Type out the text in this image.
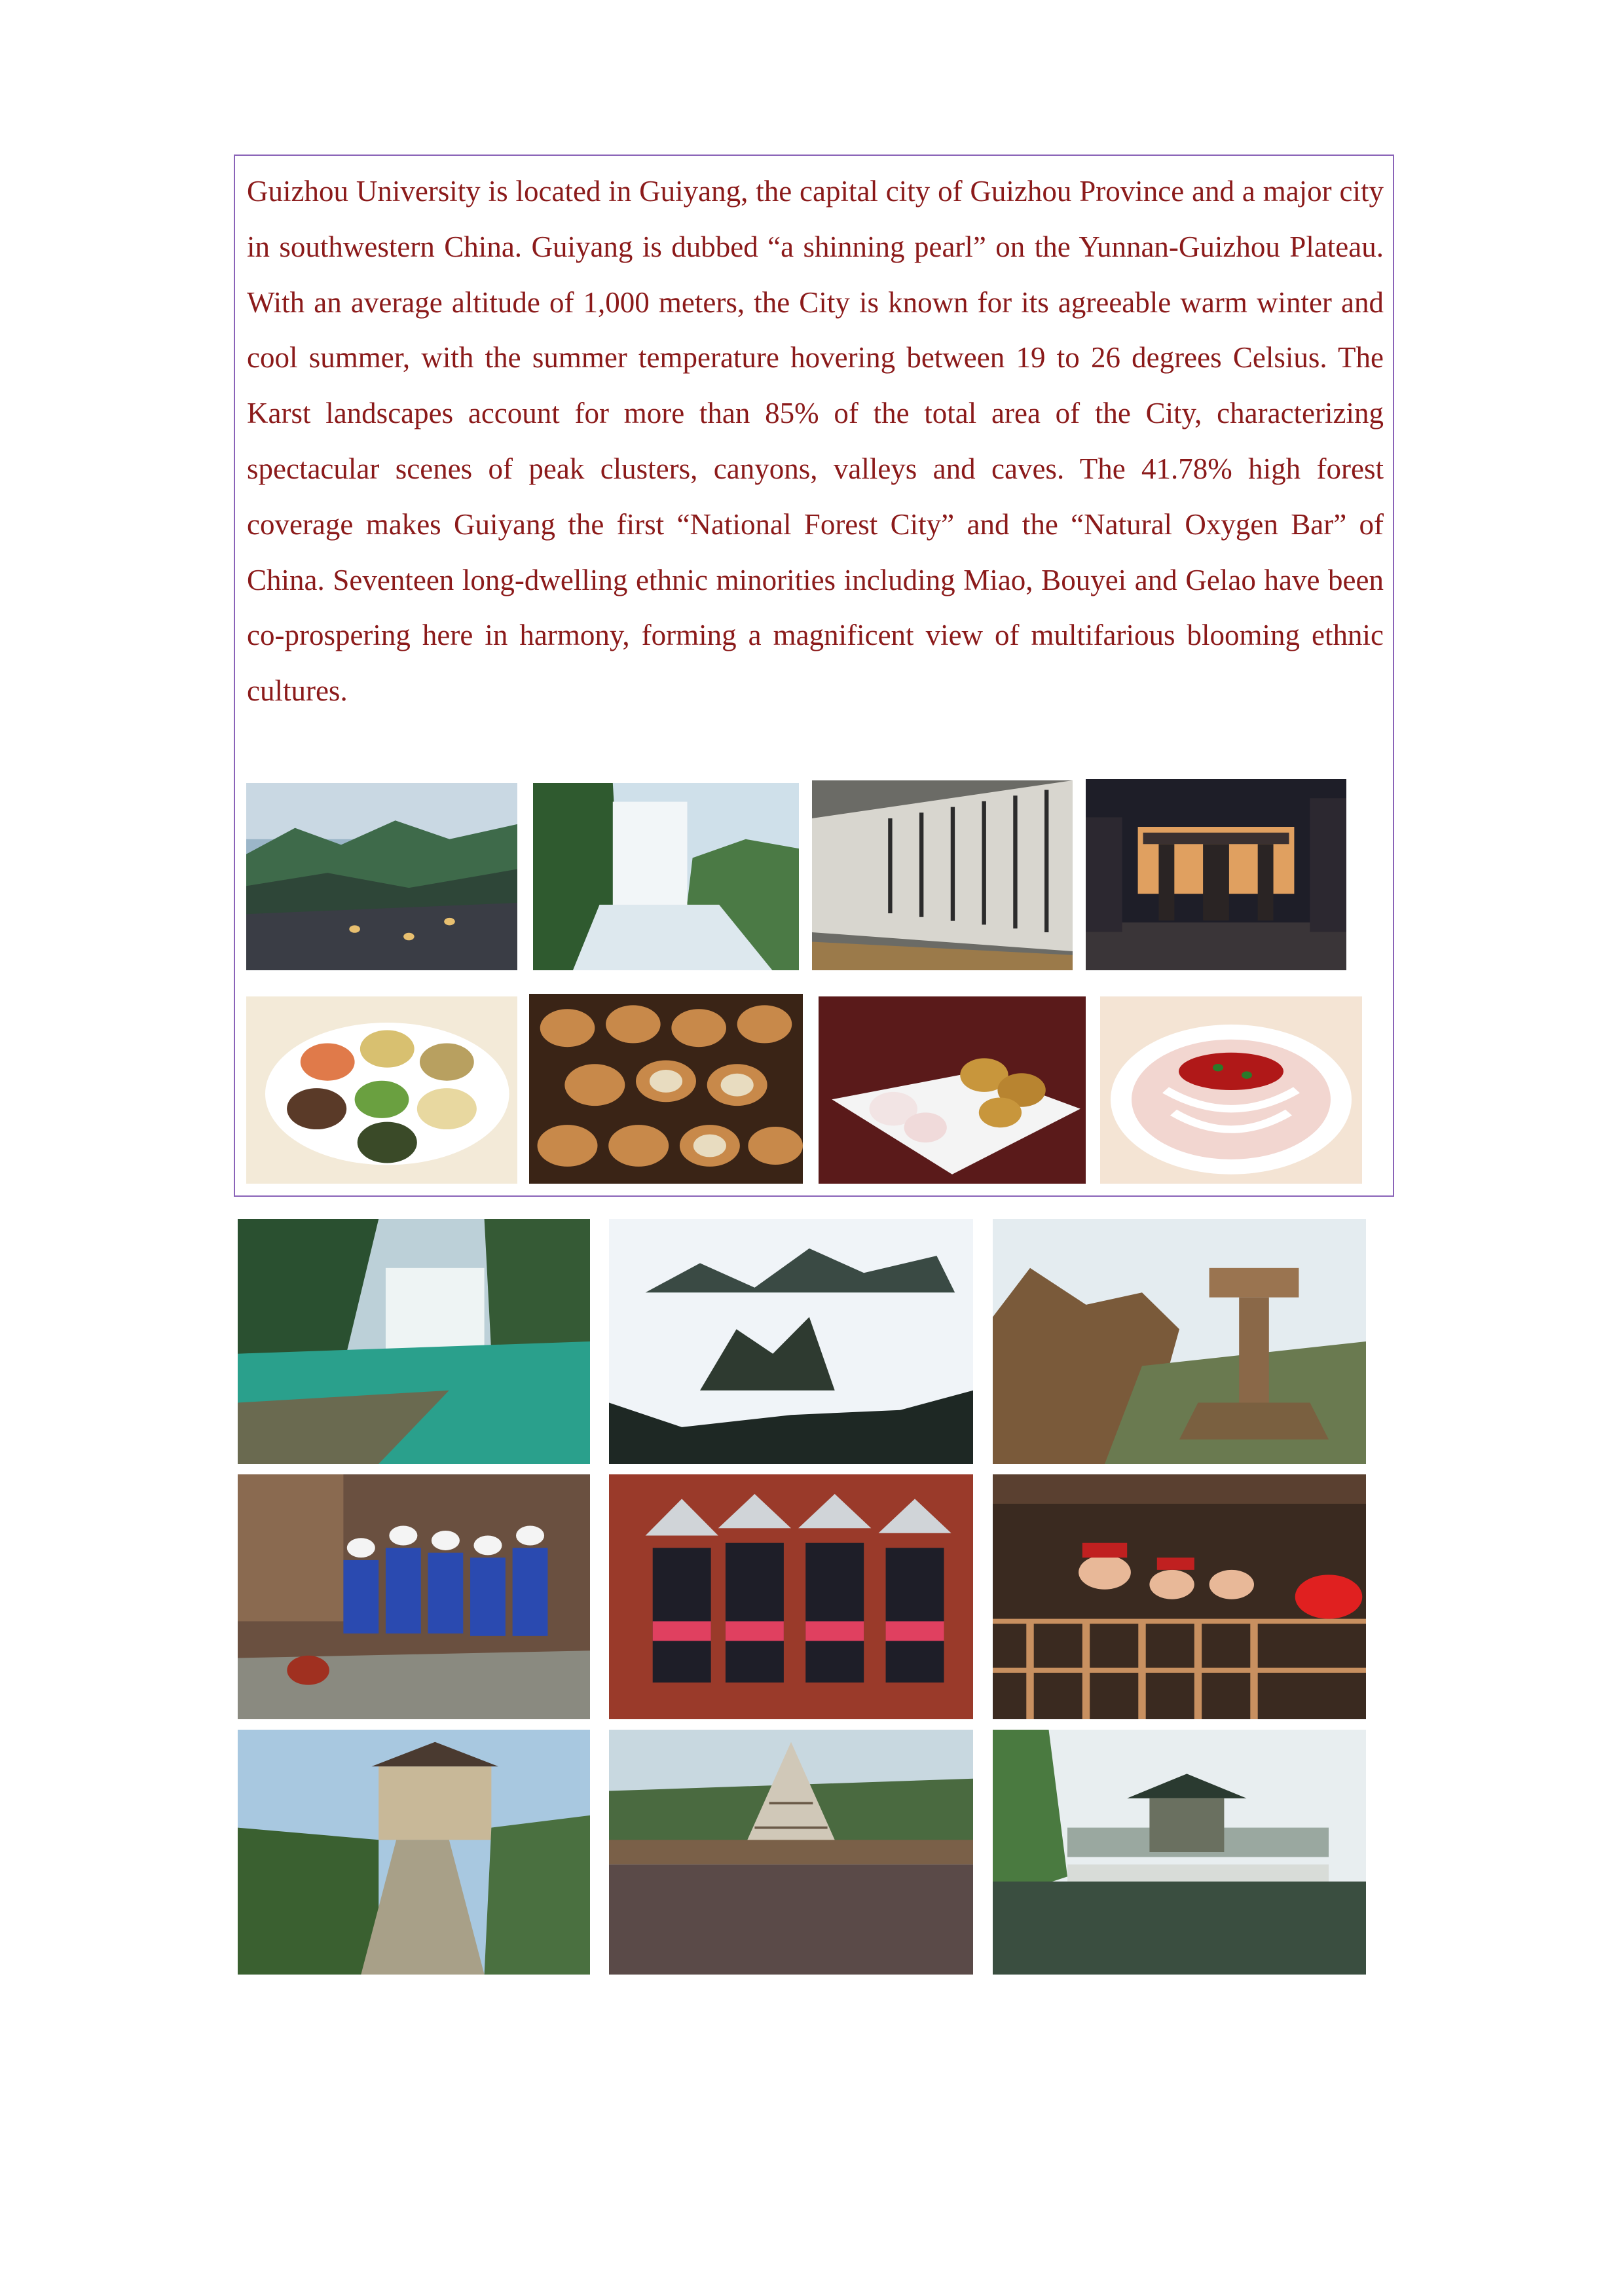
Guizhou University is located in Guiyang, the capital city of Guizhou Province and a major city in southwestern China. Guiyang is dubbed “a shinning pearl” on the Yunnan-Guizhou Plateau. With an average altitude of 1,000 meters, the City is known for its agreeable warm winter and cool summer, with the summer temperature hovering between 19 to 26 degrees Celsius. The Karst landscapes account for more than 85% of the total area of the City, characterizing spectacular scenes of peak clusters, canyons, valleys and caves. The 41.78% high forest coverage makes Guiyang the first “National Forest City” and the “Natural Oxygen Bar” of China. Seventeen long-dwelling ethnic minorities including Miao, Bouyei and Gelao have been co-prospering here in harmony, forming a magnificent view of multifarious blooming ethnic cultures.
